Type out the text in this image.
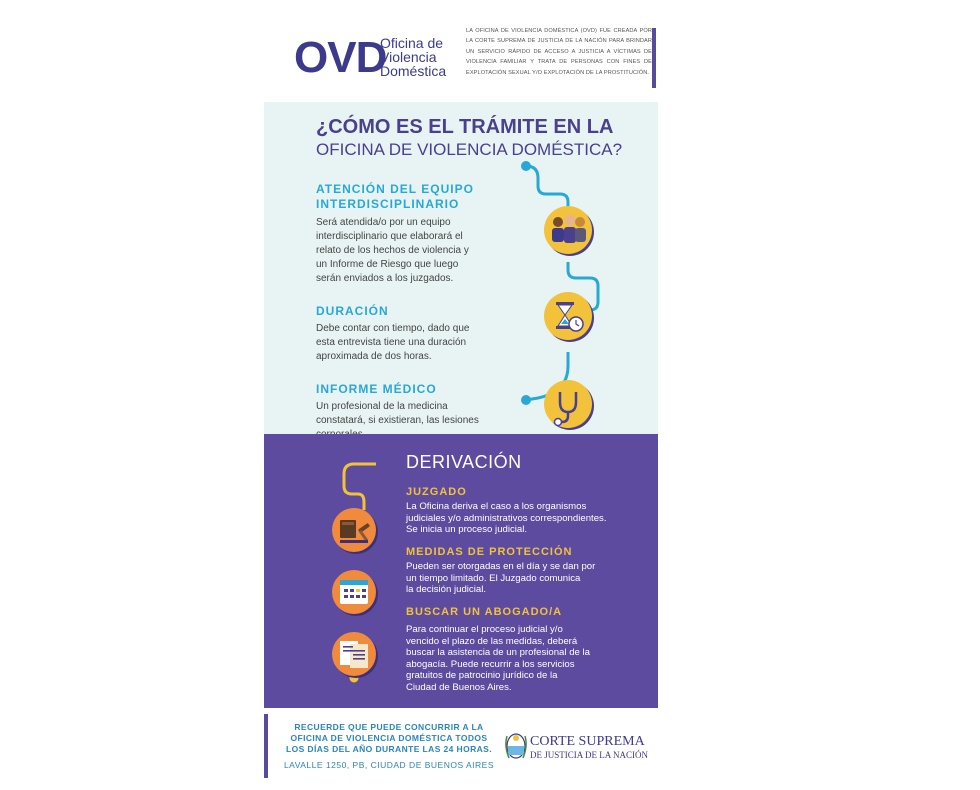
OVD
Oficina de
Violencia
Doméstica
LA OFICINA DE VIOLENCIA DOMÉSTICA (OVD) FUE CREADA POR LA CORTE SUPREMA DE JUSTICIA DE LA NACIÓN PARA BRINDAR UN SERVICIO RÁPIDO DE ACCESO A JUSTICIA A VÍCTIMAS DE VIOLENCIA FAMILIAR Y TRATA DE PERSONAS CON FINES DE EXPLOTACIÓN SEXUAL Y/O EXPLOTACIÓN DE LA PROSTITUCIÓN.
¿CÓMO ES EL TRÁMITE EN LA
OFICINA DE VIOLENCIA DOMÉSTICA?
ATENCIÓN DEL EQUIPO
INTERDISCIPLINARIO
Será atendida/o por un equipo
interdisciplinario que elaborará el
relato de los hechos de violencia y
un Informe de Riesgo que luego
serán enviados a los juzgados.
DURACIÓN
Debe contar con tiempo, dado que
esta entrevista tiene una duración
aproximada de dos horas.
INFORME MÉDICO
Un profesional de la medicina
constatará, si existieran, las lesiones
DERIVACIÓN
JUZGADO
La Oficina deriva el caso a los organismos
judiciales y/o administrativos correspondientes.
Se inicia un proceso judicial.
MEDIDAS DE PROTECCIÓN
Pueden ser otorgadas en el día y se dan por
un tiempo limitado. El Juzgado comunica
la decisión judicial.
BUSCAR UN ABOGADO/A
Para continuar el proceso judicial y/o
vencido el plazo de las medidas, deberá
buscar la asistencia de un profesional de la
abogacía. Puede recurrir a los servicios
gratuitos de patrocinio jurídico de la
Ciudad de Buenos Aires.
RECUERDE QUE PUEDE CONCURRIR A LA
OFICINA DE VIOLENCIA DOMÉSTICA TODOS
LOS DÍAS DEL AÑO DURANTE LAS 24 HORAS.
LAVALLE 1250, PB, CIUDAD DE BUENOS AIRES
CORTE SUPREMA
DE JUSTICIA DE LA NACIÓN
